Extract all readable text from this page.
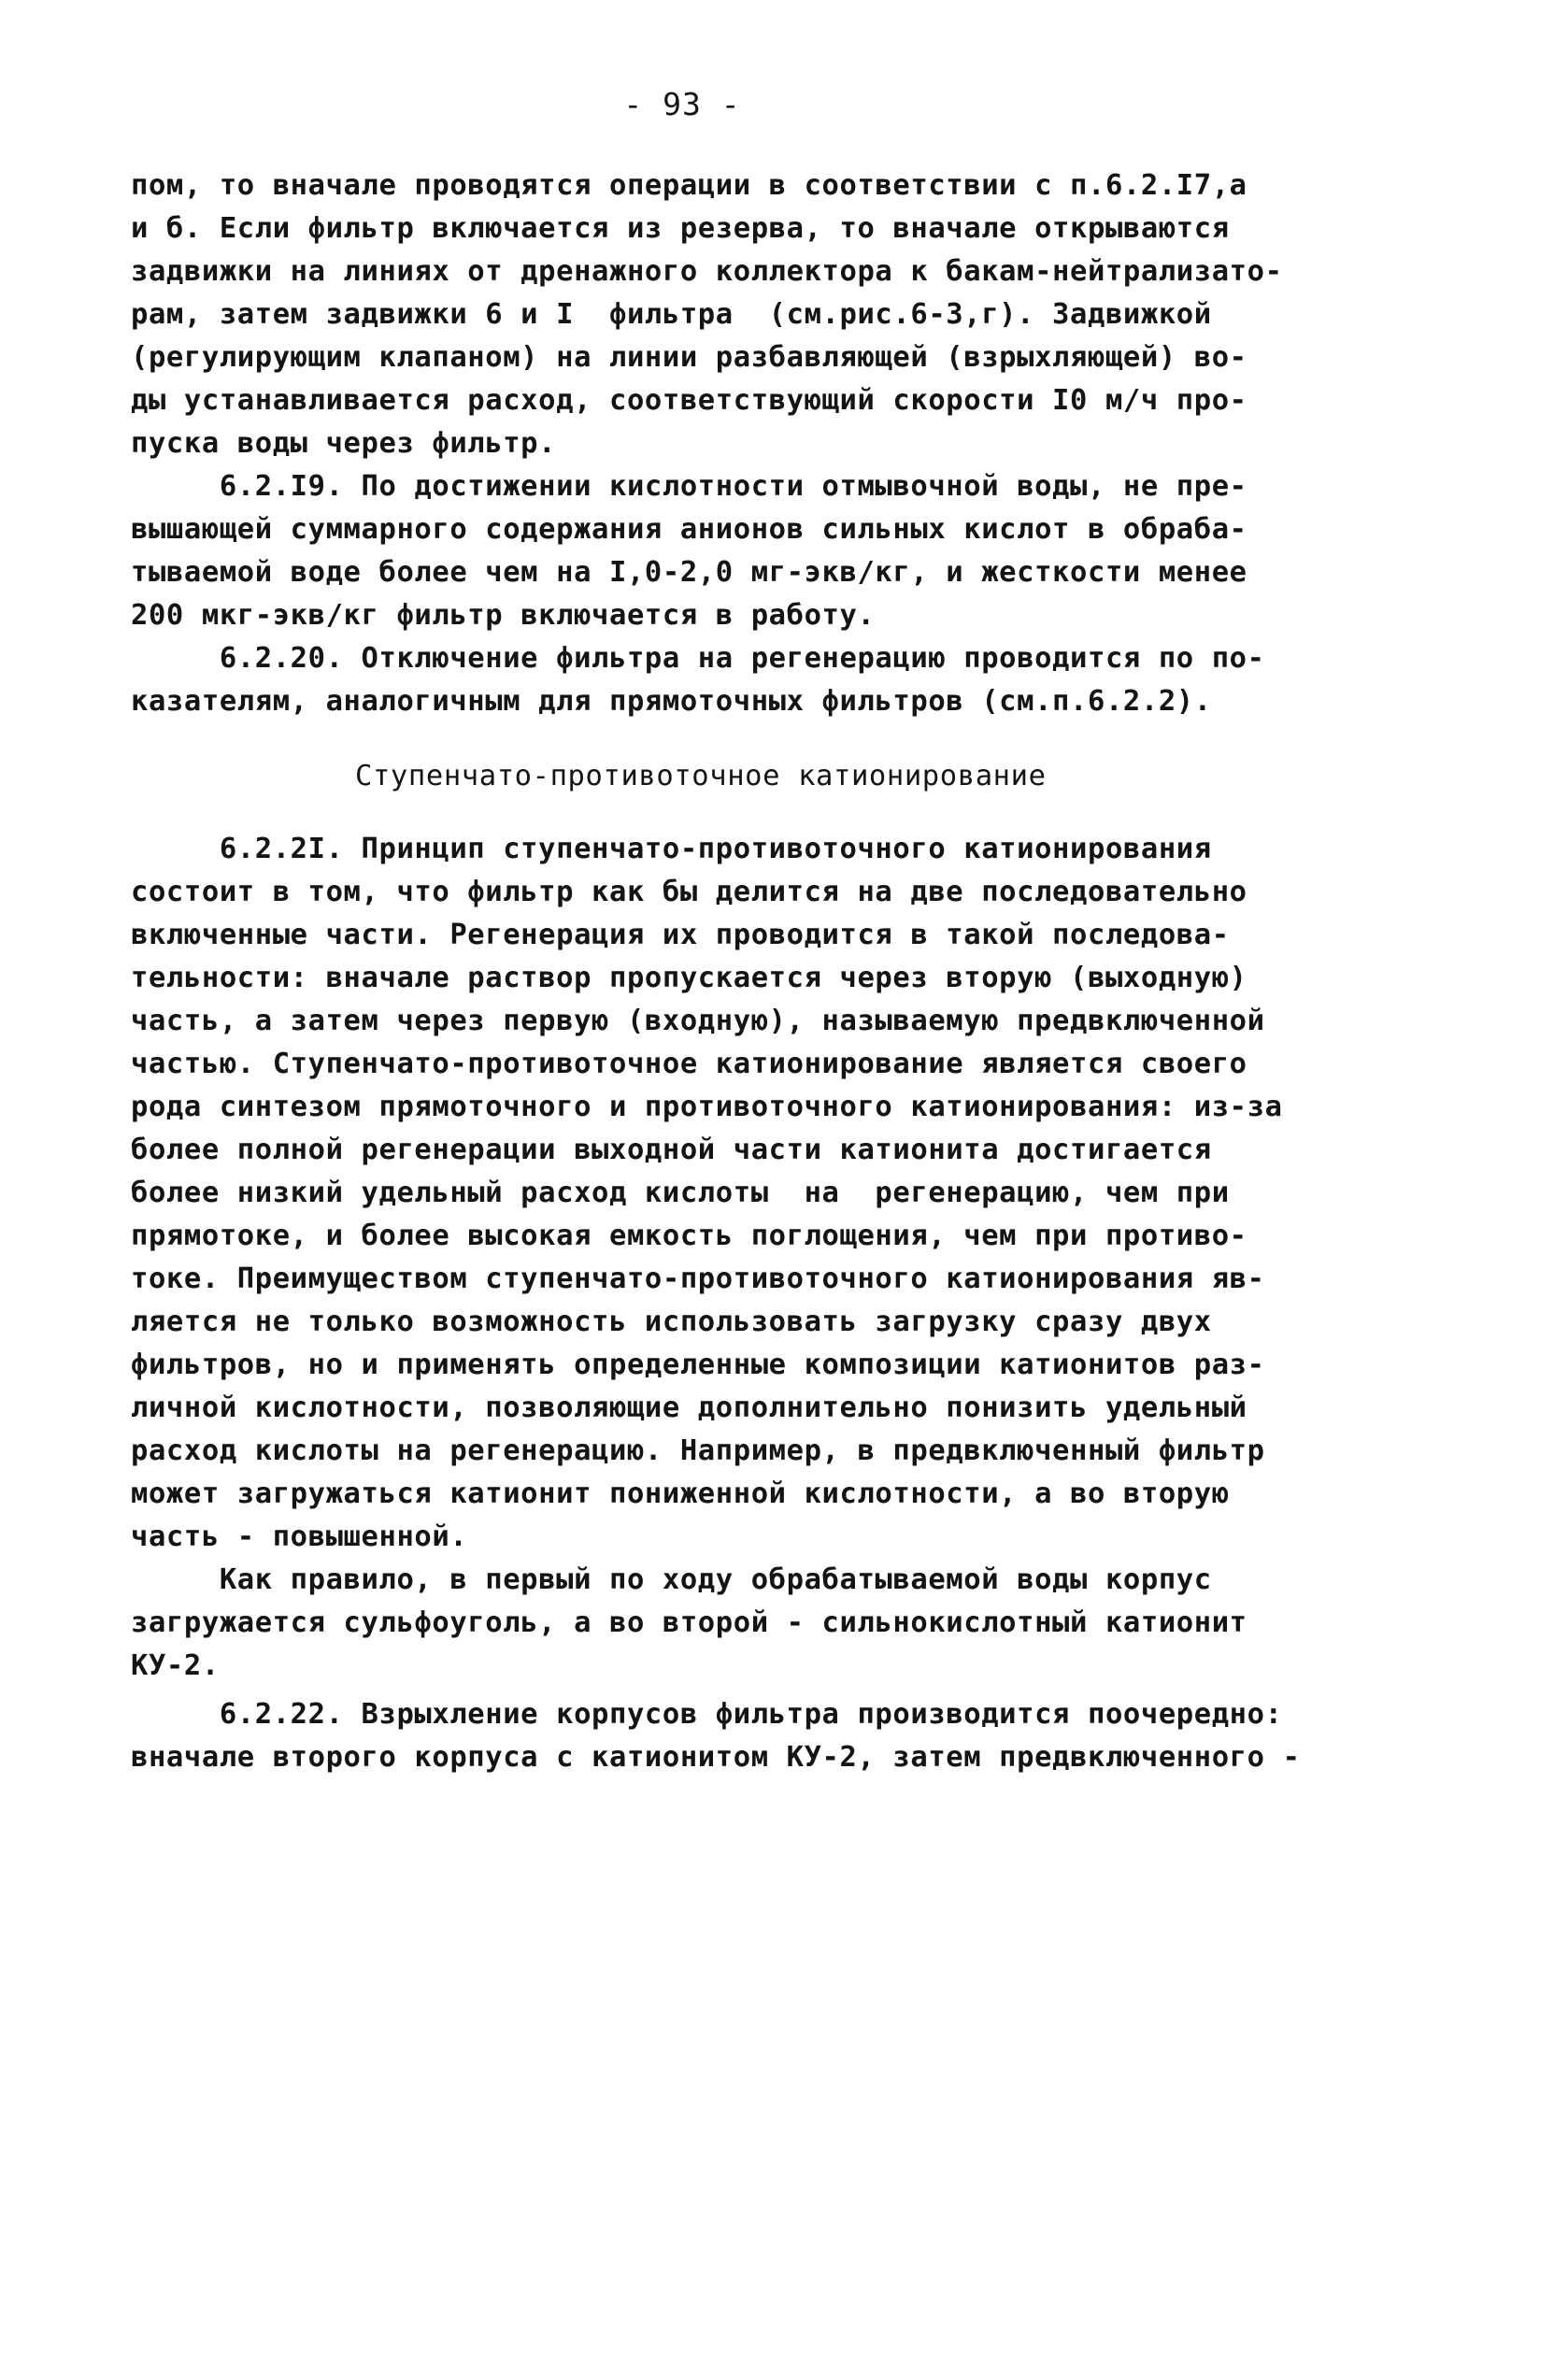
- 93 -
пом, то вначале проводятся операции в соответствии с п.6.2.I7,а
и б. Если фильтр включается из резерва, то вначале открываются
задвижки на линиях от дренажного коллектора к бакам-нейтрализато-
рам, затем задвижки 6 и I  фильтра  (см.рис.6-3,г). Задвижкой
(регулирующим клапаном) на линии разбавляющей (взрыхляющей) во-
ды устанавливается расход, соответствующий скорости I0 м/ч про-
пуска воды через фильтр.
6.2.I9. По достижении кислотности отмывочной воды, не пре-
вышающей суммарного содержания анионов сильных кислот в обраба-
тываемой воде более чем на I,0-2,0 мг-экв/кг, и жесткости менее
200 мкг-экв/кг фильтр включается в работу.
6.2.20. Отключение фильтра на регенерацию проводится по по-
казателям, аналогичным для прямоточных фильтров (см.п.6.2.2).
Ступенчато-противоточное катионирование
6.2.2I. Принцип ступенчато-противоточного катионирования
состоит в том, что фильтр как бы делится на две последовательно
включенные части. Регенерация их проводится в такой последова-
тельности: вначале раствор пропускается через вторую (выходную)
часть, а затем через первую (входную), называемую предвключенной
частью. Ступенчато-противоточное катионирование является своего
рода синтезом прямоточного и противоточного катионирования: из-за
более полной регенерации выходной части катионита достигается
более низкий удельный расход кислоты  на  регенерацию, чем при
прямотоке, и более высокая емкость поглощения, чем при противо-
токе. Преимуществом ступенчато-противоточного катионирования яв-
ляется не только возможность использовать загрузку сразу двух
фильтров, но и применять определенные композиции катионитов раз-
личной кислотности, позволяющие дополнительно понизить удельный
расход кислоты на регенерацию. Например, в предвключенный фильтр
может загружаться катионит пониженной кислотности, а во вторую
часть - повышенной.
Как правило, в первый по ходу обрабатываемой воды корпус
загружается сульфоуголь, а во второй - сильнокислотный катионит
КУ-2.
6.2.22. Взрыхление корпусов фильтра производится поочередно:
вначале второго корпуса с катионитом КУ-2, затем предвключенного -
